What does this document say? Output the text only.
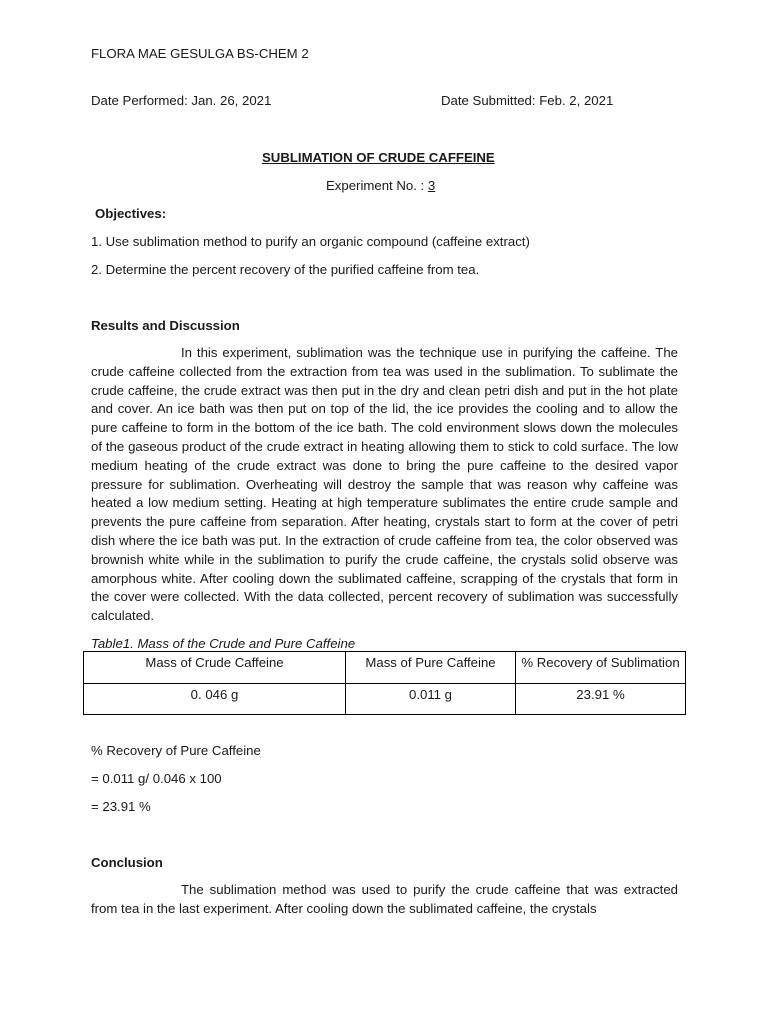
FLORA MAE GESULGA BS-CHEM 2
Date Performed: Jan. 26, 2021	Date Submitted: Feb. 2, 2021
SUBLIMATION OF CRUDE CAFFEINE
Experiment No. : 3
Objectives:
1. Use sublimation method to purify an organic compound (caffeine extract)
2. Determine the percent recovery of the purified caffeine from tea.
Results and Discussion
In this experiment, sublimation was the technique use in purifying the caffeine. The crude caffeine collected from the extraction from tea was used in the sublimation. To sublimate the crude caffeine, the crude extract was then put in the dry and clean petri dish and put in the hot plate and cover. An ice bath was then put on top of the lid, the ice provides the cooling and to allow the pure caffeine to form in the bottom of the ice bath. The cold environment slows down the molecules of the gaseous product of the crude extract in heating allowing them to stick to cold surface. The low medium heating of the crude extract was done to bring the pure caffeine to the desired vapor pressure for sublimation. Overheating will destroy the sample that was reason why caffeine was heated a low medium setting. Heating at high temperature sublimates the entire crude sample and prevents the pure caffeine from separation. After heating, crystals start to form at the cover of petri dish where the ice bath was put. In the extraction of crude caffeine from tea, the color observed was brownish white while in the sublimation to purify the crude caffeine, the crystals solid observe was amorphous white. After cooling down the sublimated caffeine, scrapping of the crystals that form in the cover were collected. With the data collected, percent recovery of sublimation was successfully calculated.
Table1. Mass of the Crude and Pure Caffeine
Mass of Crude Caffeine	Mass of Pure Caffeine	% Recovery of Sublimation
0. 046 g	0.011 g	23.91 %
% Recovery of Pure Caffeine
= 0.011 g/ 0.046 x 100
= 23.91 %
Conclusion
The sublimation method was used to purify the crude caffeine that was extracted from tea in the last experiment. After cooling down the sublimated caffeine, the crystals
